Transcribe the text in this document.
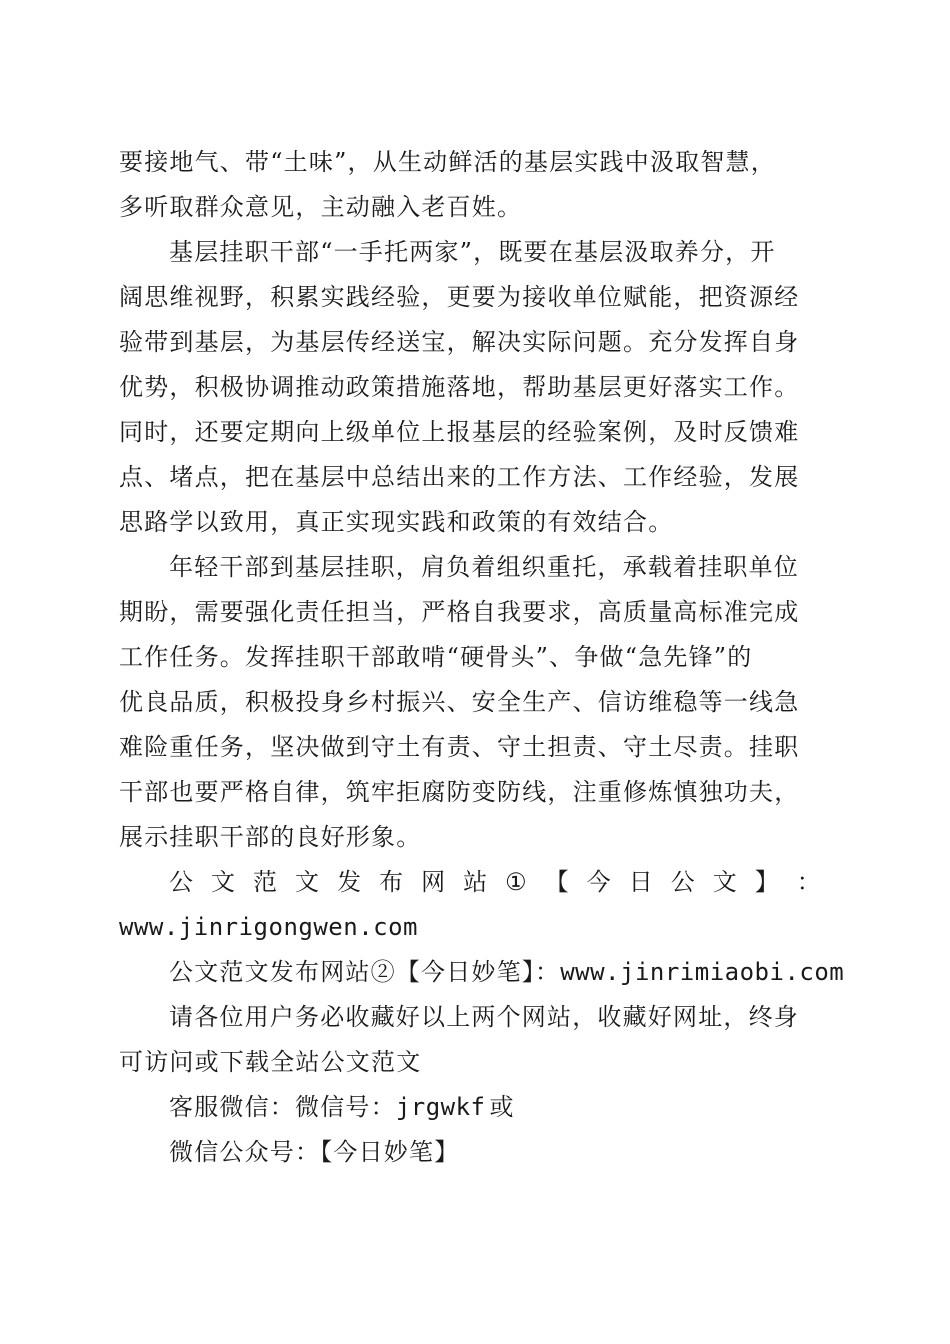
要接地气、带“土味”，从生动鲜活的基层实践中汲取智慧，
多听取群众意见，主动融入老百姓。
基层挂职干部“一手托两家”，既要在基层汲取养分，开
阔思维视野，积累实践经验，更要为接收单位赋能，把资源经
验带到基层，为基层传经送宝，解决实际问题。充分发挥自身
优势，积极协调推动政策措施落地，帮助基层更好落实工作。
同时，还要定期向上级单位上报基层的经验案例，及时反馈难
点、堵点，把在基层中总结出来的工作方法、工作经验，发展
思路学以致用，真正实现实践和政策的有效结合。
年轻干部到基层挂职，肩负着组织重托，承载着挂职单位
期盼，需要强化责任担当，严格自我要求，高质量高标准完成
工作任务。发挥挂职干部敢啃“硬骨头”、争做“急先锋”的
优良品质，积极投身乡村振兴、安全生产、信访维稳等一线急
难险重任务，坚决做到守土有责、守土担责、守土尽责。挂职
干部也要严格自律，筑牢拒腐防变防线，注重修炼慎独功夫，
展示挂职干部的良好形象。
公 文 范 文 发 布 网 站 ① 【 今 日 公 文 】 ：
www.jinrigongwen.com
公文范文发布网站②【今日妙笔】：www.jinrimiaobi.com
请各位用户务必收藏好以上两个网站，收藏好网址，终身
可访问或下载全站公文范文
客服微信：微信号：jrgwkf 或
微信公众号：【今日妙笔】
